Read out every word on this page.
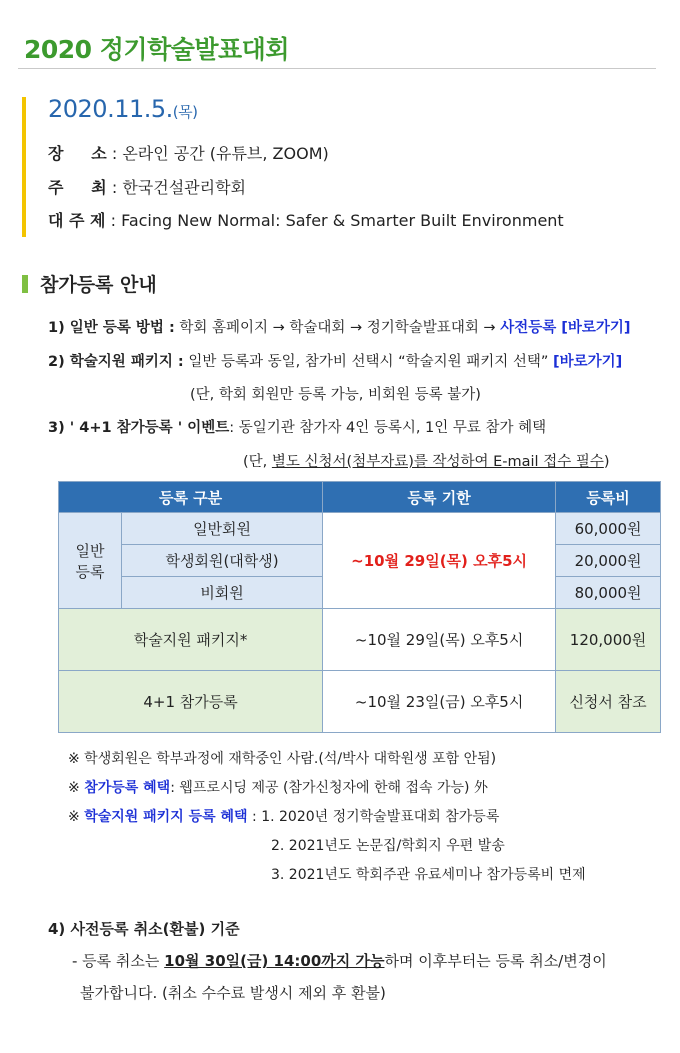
2020 정기학술발표대회
2020.11.5.(목)
장     소 : 온라인 공간 (유튜브, ZOOM)
주     최 : 한국건설관리학회
대 주 제 : Facing New Normal: Safer & Smarter Built Environment
참가등록 안내
1) 일반 등록 방법 : 학회 홈페이지 → 학술대회 → 정기학술발표대회 → 사전등록 [바로가기]
2) 학술지원 패키지 : 일반 등록과 동일, 참가비 선택시 “학술지원 패키지 선택” [바로가기]
(단, 학회 회원만 등록 가능, 비회원 등록 불가)
3) ' 4+1 참가등록 ' 이벤트: 동일기관 참가자 4인 등록시, 1인 무료 참가 혜택
(단, 별도 신청서(첨부자료)를 작성하여 E-mail 접수 필수)
등록 구분		등록 기한	등록비
일반
등록	일반회원	~10월 29일(목) 오후5시	60,000원
	학생회원(대학생)		20,000원
	비회원		80,000원
학술지원 패키지*		~10월 29일(목) 오후5시	120,000원
4+1 참가등록		~10월 23일(금) 오후5시	신청서 참조
※ 학생회원은 학부과정에 재학중인 사람.(석/박사 대학원생 포함 안됨)
※ 참가등록 혜택: 웹프로시딩 제공 (참가신청자에 한해 접속 가능) 外
※ 학술지원 패키지 등록 혜택 : 1. 2020년 정기학술발표대회 참가등록
2. 2021년도 논문집/학회지 우편 발송
3. 2021년도 학회주관 유료세미나 참가등록비 면제
4) 사전등록 취소(환불) 기준
- 등록 취소는 10월 30일(금) 14:00까지 가능하며 이후부터는 등록 취소/변경이
불가합니다. (취소 수수료 발생시 제외 후 환불)
